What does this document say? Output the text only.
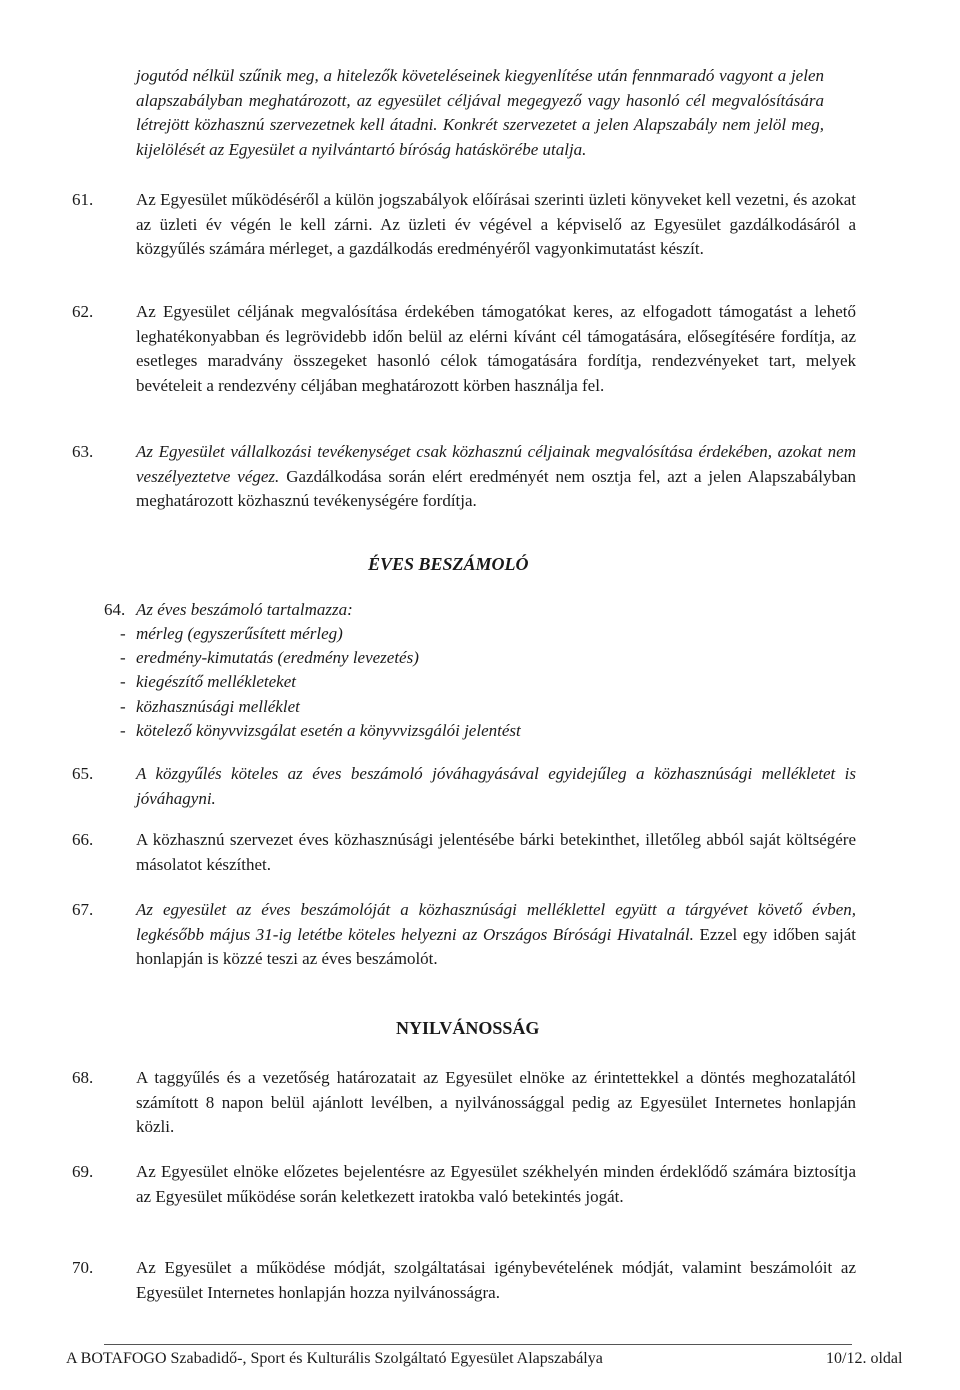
jogutód nélkül szűnik meg, a hitelezők követeléseinek kiegyenlítése után fennmaradó vagyont a jelen alapszabályban meghatározott, az egyesület céljával megegyező vagy hasonló cél megvalósítására létrejött közhasznú szervezetnek kell átadni. Konkrét szervezetet a jelen Alapszabály nem jelöl meg, kijelölését az Egyesület a nyilvántartó bíróság hatáskörébe utalja.

61.	Az Egyesület működéséről a külön jogszabályok előírásai szerinti üzleti könyveket kell vezetni, és azokat az üzleti év végén le kell zárni. Az üzleti év végével a képviselő az Egyesület gazdálkodásáról a közgyűlés számára mérleget, a gazdálkodás eredményéről vagyonkimutatást készít.

62.	Az Egyesület céljának megvalósítása érdekében támogatókat keres, az elfogadott támogatást a lehető leghatékonyabban és legrövidebb időn belül az elérni kívánt cél támogatására, elősegítésére fordítja, az esetleges maradvány összegeket hasonló célok támogatására fordítja, rendezvényeket tart, melyek bevételeit a rendezvény céljában meghatározott körben használja fel.

63.	Az Egyesület vállalkozási tevékenységet csak közhasznú céljainak megvalósítása érdekében, azokat nem veszélyeztetve végez. Gazdálkodása során elért eredményét nem osztja fel, azt a jelen Alapszabályban meghatározott közhasznú tevékenységére fordítja.

ÉVES BESZÁMOLÓ

64. Az éves beszámoló tartalmazza:

- mérleg (egyszerűsített mérleg)
- eredmény-kimutatás (eredmény levezetés)
- kiegészítő mellékleteket
- közhasznúsági melléklet
- kötelező könyvvizsgálat esetén a könyvvizsgálói jelentést

65.	A közgyűlés köteles az éves beszámoló jóváhagyásával egyidejűleg a közhasznúsági mellékletet is jóváhagyni.

66.	A közhasznú szervezet éves közhasznúsági jelentésébe bárki betekinthet, illetőleg abból saját költségére másolatot készíthet.

67.	Az egyesület az éves beszámolóját a közhasznúsági melléklettel együtt a tárgyévet követő évben, legkésőbb május 31-ig letétbe köteles helyezni az Országos Bírósági Hivatalnál. Ezzel egy időben saját honlapján is közzé teszi az éves beszámolót.

NYILVÁNOSSÁG

68.	A taggyűlés és a vezetőség határozatait az Egyesület elnöke az érintettekkel a döntés meghozatalától számított 8 napon belül ajánlott levélben, a nyilvánossággal pedig az Egyesület Internetes honlapján közli.

69.	Az Egyesület elnöke előzetes bejelentésre az Egyesület székhelyén minden érdeklődő számára biztosítja az Egyesület működése során keletkezett iratokba való betekintés jogát.

70.	Az Egyesület a működése módját, szolgáltatásai igénybevételének módját, valamint beszámolóit az Egyesület Internetes honlapján hozza nyilvánosságra.

A BOTAFOGO Szabadidő-, Sport és Kulturális Szolgáltató Egyesület Alapszabálya	10/12. oldal
